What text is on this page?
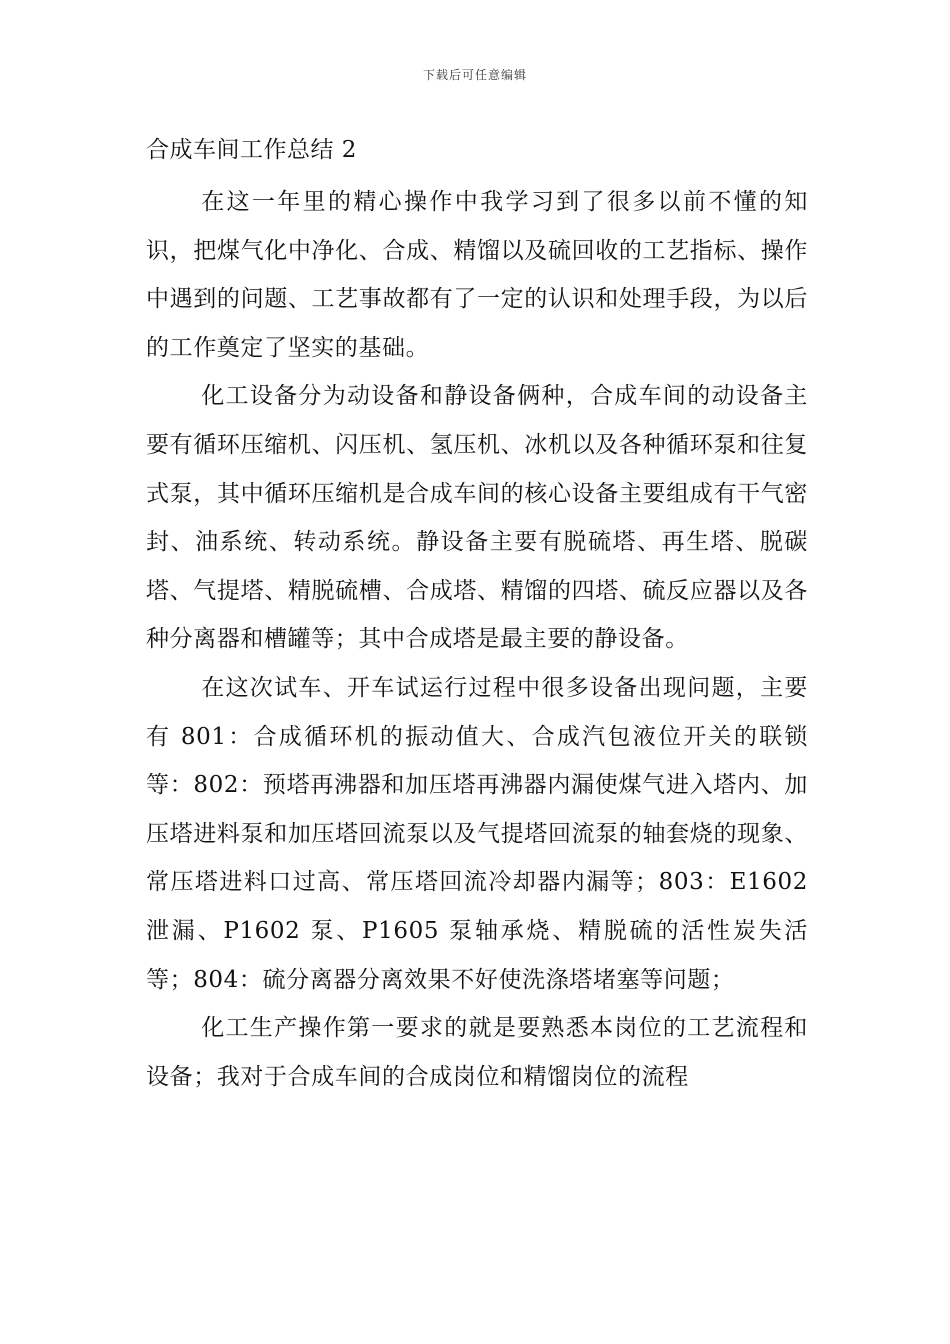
下载后可任意编辑
合成车间工作总结 2

在这一年里的精心操作中我学习到了很多以前不懂的知识，把煤气化中净化、合成、精馏以及硫回收的工艺指标、操作中遇到的问题、工艺事故都有了一定的认识和处理手段，为以后的工作奠定了坚实的基础。

化工设备分为动设备和静设备俩种，合成车间的动设备主要有循环压缩机、闪压机、氢压机、冰机以及各种循环泵和往复式泵，其中循环压缩机是合成车间的核心设备主要组成有干气密封、油系统、转动系统。静设备主要有脱硫塔、再生塔、脱碳塔、气提塔、精脱硫槽、合成塔、精馏的四塔、硫反应器以及各种分离器和槽罐等；其中合成塔是最主要的静设备。

在这次试车、开车试运行过程中很多设备出现问题，主要有 801：合成循环机的振动值大、合成汽包液位开关的联锁等：802：预塔再沸器和加压塔再沸器内漏使煤气进入塔内、加压塔进料泵和加压塔回流泵以及气提塔回流泵的轴套烧的现象、常压塔进料口过高、常压塔回流冷却器内漏等；803：E1602 泄漏、P1602 泵、P1605 泵轴承烧、精脱硫的活性炭失活等；804：硫分离器分离效果不好使洗涤塔堵塞等问题；

化工生产操作第一要求的就是要熟悉本岗位的工艺流程和设备；我对于合成车间的合成岗位和精馏岗位的流程
